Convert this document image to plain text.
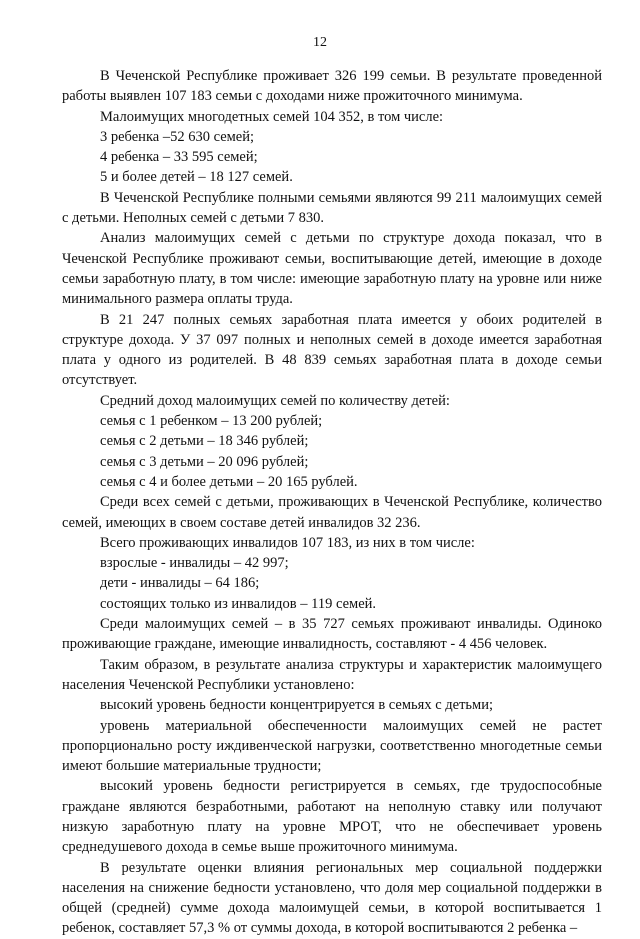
12

В Чеченской Республике проживает 326 199 семьи. В результате проведенной работы выявлен 107 183 семьи с доходами ниже прожиточного минимума.

Малоимущих многодетных семей 104 352, в том числе:

3 ребенка –52 630 семей;

4 ребенка – 33 595 семей;

5 и более детей – 18 127 семей.

В Чеченской Республике полными семьями являются 99 211 малоимущих семей с детьми. Неполных семей с детьми 7 830.

Анализ малоимущих семей с детьми по структуре дохода показал, что в Чеченской Республике проживают семьи, воспитывающие детей, имеющие в доходе семьи заработную плату, в том числе: имеющие заработную плату на уровне или ниже минимального размера оплаты труда.

В 21 247 полных семьях заработная плата имеется у обоих родителей в структуре дохода. У 37 097 полных и неполных семей в доходе имеется заработная плата у одного из родителей. В 48 839 семьях заработная плата в доходе семьи отсутствует.

Средний доход малоимущих семей по количеству детей:

семья с 1 ребенком – 13 200 рублей;

семья с 2 детьми – 18 346 рублей;

семья с 3 детьми – 20 096 рублей;

семья с 4 и более детьми – 20 165 рублей.

Среди всех семей с детьми, проживающих в Чеченской Республике, количество семей, имеющих в своем составе детей инвалидов 32 236.

Всего проживающих инвалидов 107 183, из них в том числе:

взрослые - инвалиды – 42 997;

дети - инвалиды – 64 186;

состоящих только из инвалидов – 119 семей.

Среди малоимущих семей – в 35 727 семьях проживают инвалиды. Одиноко проживающие граждане, имеющие инвалидность, составляют - 4 456 человек.

Таким образом, в результате анализа структуры и характеристик малоимущего населения Чеченской Республики установлено:

высокий уровень бедности концентрируется в семьях с детьми;

уровень материальной обеспеченности малоимущих семей не растет пропорционально росту иждивенческой нагрузки, соответственно многодетные семьи имеют большие материальные трудности;

высокий уровень бедности регистрируется в семьях, где трудоспособные граждане являются безработными, работают на неполную ставку или получают низкую заработную плату на уровне МРОТ, что не обеспечивает уровень среднедушевого дохода в семье выше прожиточного минимума.

В результате оценки влияния региональных мер социальной поддержки населения на снижение бедности установлено, что доля мер социальной поддержки в общей (средней) сумме дохода малоимущей семьи, в которой воспитывается 1 ребенок, составляет 57,3 % от суммы дохода, в которой воспитываются 2 ребенка –
